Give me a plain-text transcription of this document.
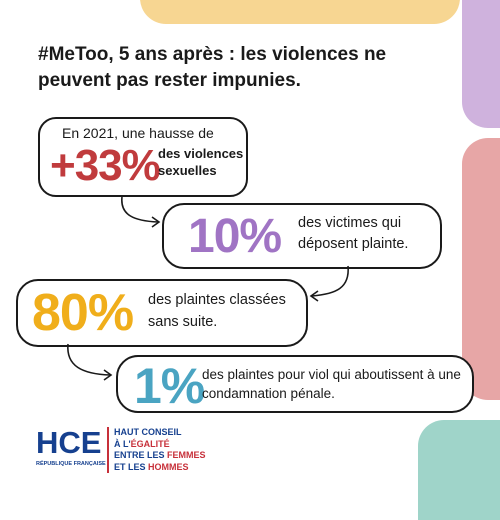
#MeToo, 5 ans après : les violences ne peuvent pas rester impunies.
En 2021, une hausse de
+33%
des violences sexuelles
10% des victimes qui déposent plainte.
80% des plaintes classées sans suite.
1%
des plaintes pour viol qui aboutissent à une condamnation pénale.
HCE
RÉPUBLIQUE FRANÇAISE
HAUT CONSEIL
À L'ÉGALITÉ
ENTRE LES FEMMES
ET LES HOMMES
